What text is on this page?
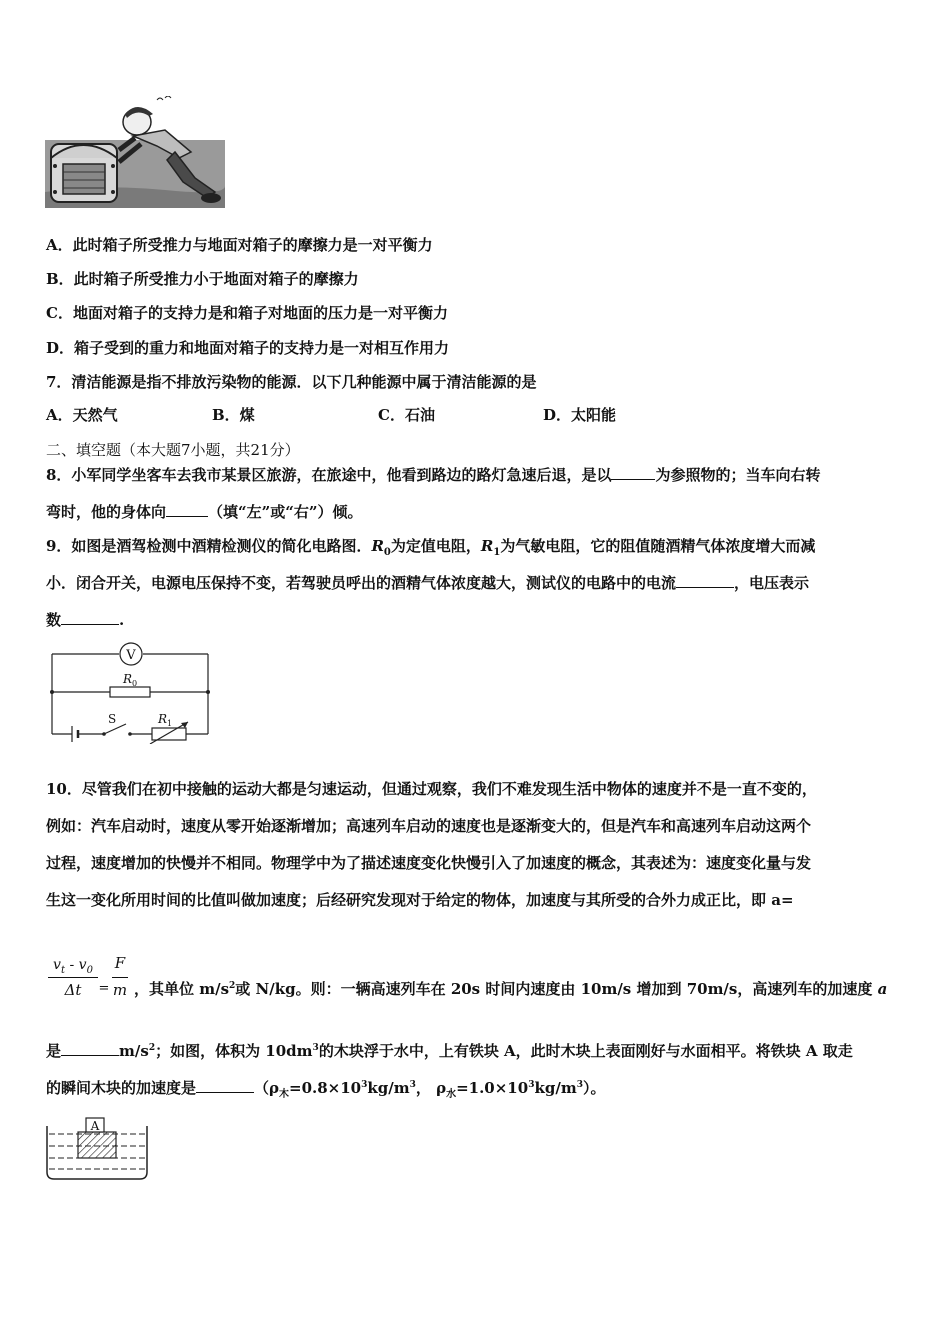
A．此时箱子所受推力与地面对箱子的摩擦力是一对平衡力
B．此时箱子所受推力小于地面对箱子的摩擦力
C．地面对箱子的支持力是和箱子对地面的压力是一对平衡力
D．箱子受到的重力和地面对箱子的支持力是一对相互作用力
7．清洁能源是指不排放污染物的能源．以下几种能源中属于清洁能源的是
A．天然气	B．煤	C．石油	D．太阳能
二、填空题（本大题7小题，共21分）
8．小军同学坐客车去我市某景区旅游，在旅途中，他看到路边的路灯急速后退，是以	为参照物的；当车向右转
弯时，他的身体向	（填“左”或“右”）倾。
9．如图是酒驾检测中酒精检测仪的简化电路图．$R_0$为定值电阻，$R_1$为气敏电阻，它的阻值随酒精气体浓度增大而减
小．闭合开关，电源电压保持不变，若驾驶员呼出的酒精气体浓度越大，测试仪的电路中的电流	，电压表示
数	.
V
R 0
S	R 1
10．尽管我们在初中接触的运动大都是匀速运动，但通过观察，我们不难发现生活中物体的速度并不是一直不变的，
例如：汽车启动时，速度从零开始逐渐增加；高速列车启动的速度也是逐渐变大的，但是汽车和高速列车启动这两个
过程，速度增加的快慢并不相同。物理学中为了描述速度变化快慢引入了加速度的概念，其表述为：速度变化量与发
生这一变化所用时间的比值叫做加速度；后经研究发现对于给定的物体，加速度与其所受的合外力成正比，即 a=
$v_t - v_0$
Δt	=
F
m ，其单位 $m/s^2$或 N/kg。则：一辆高速列车在 20s 时间内速度由 10m/s 增加到 70m/s，高速列车的加速度 a
是	$m/s^2$；如图，体积为 $10dm^3$的木块浮于水中，上有铁块 A，此时木块上表面刚好与水面相平。将铁块 A 取走
的瞬间木块的加速度是	（$\rho_木=0.8\times 10^3kg/m^3$， $\rho_水=1.0\times 10^3kg/m^3$）。
A
